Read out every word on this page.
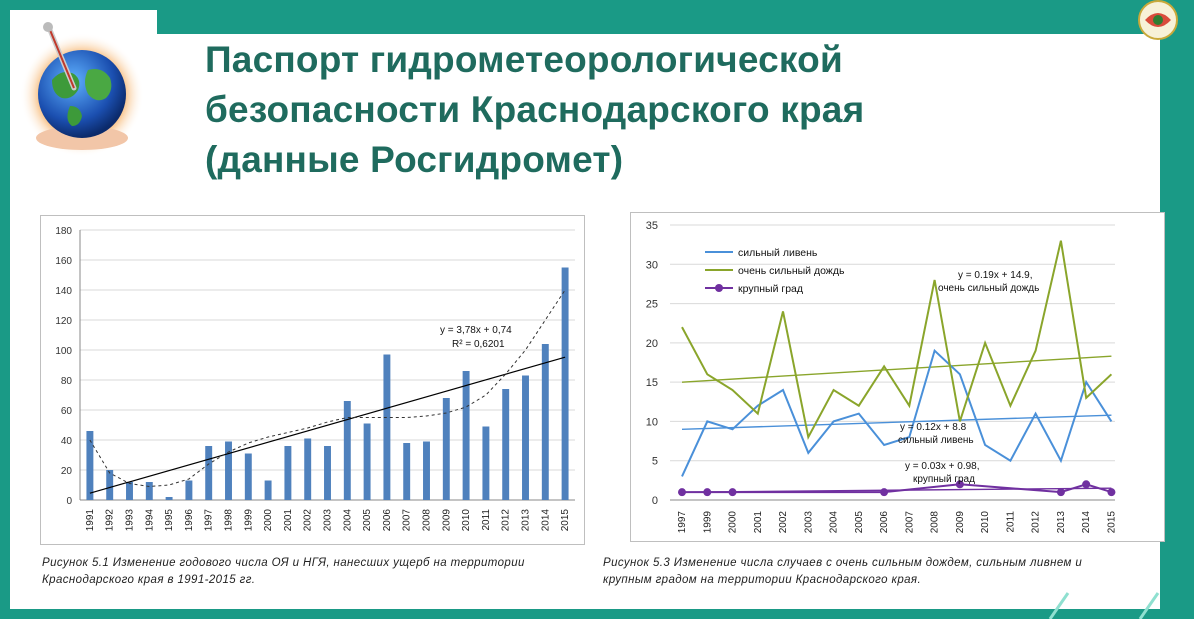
Паспорт гидрометеорологической
безопасности Краснодарского края
(данные Росгидромет)
0
20
40
60
80
100
120
140
160
180
1991 1992 1993 1994 1995 1996 1997 1998 1999 2000 2001 2002 2003 2004 2005 2006 2007 2008 2009 2010 2011 2012 2013 2014 2015
y = 3,78x + 0,74
R² = 0,6201
Рисунок 5.1 Изменение годового числа ОЯ и НГЯ, нанесших ущерб на территории
Краснодарского края в 1991-2015 гг.
0
5
10
15
20
25
30
35
1997 1999 2000 2001 2002 2003 2004 2005 2006 2007 2008 2009 2010 2011 2012 2013 2014 2015
сильный ливень
очень сильный дождь
крупный град
y = 0.19x + 14.9,
очень сильный дождь
y = 0.12x + 8.8
сильный ливень
y = 0.03x + 0.98,
крупный град
Рисунок 5.3 Изменение числа случаев с очень сильным дождем, сильным ливнем и
крупным градом на территории Краснодарского края.
